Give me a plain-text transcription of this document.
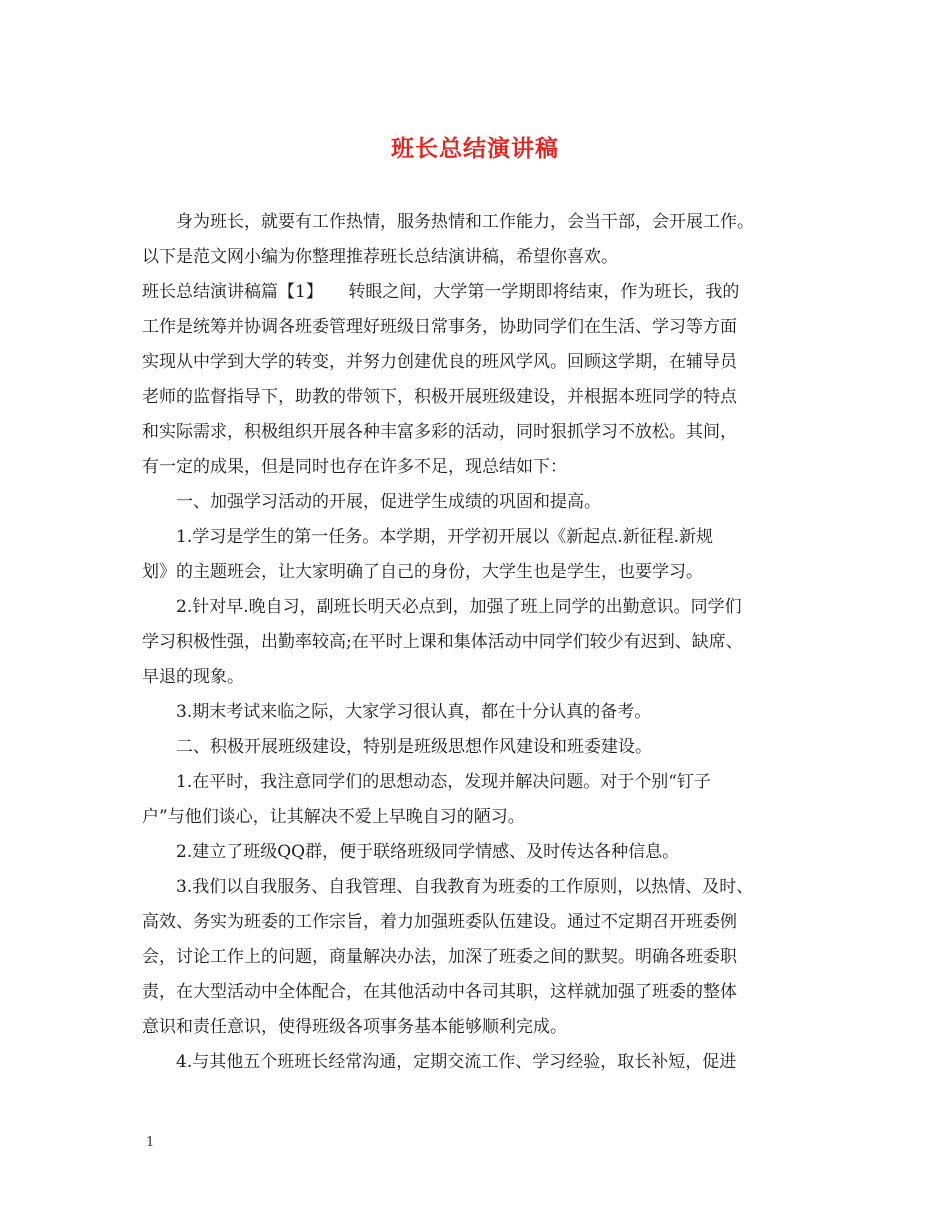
班长总结演讲稿
　　身为班长，就要有工作热情，服务热情和工作能力，会当干部，会开展工作。
以下是范文网小编为你整理推荐班长总结演讲稿，希望你喜欢。
班长总结演讲稿篇【1】　　转眼之间，大学第一学期即将结束，作为班长，我的
工作是统筹并协调各班委管理好班级日常事务，协助同学们在生活、学习等方面
实现从中学到大学的转变，并努力创建优良的班风学风。回顾这学期，在辅导员
老师的监督指导下，助教的带领下，积极开展班级建设，并根据本班同学的特点
和实际需求，积极组织开展各种丰富多彩的活动，同时狠抓学习不放松。其间，
有一定的成果，但是同时也存在许多不足，现总结如下：
　　一、加强学习活动的开展，促进学生成绩的巩固和提高。
　　1.学习是学生的第一任务。本学期，开学初开展以《新起点.新征程.新规
划》的主题班会，让大家明确了自己的身份，大学生也是学生，也要学习。
　　2.针对早.晚自习，副班长明天必点到，加强了班上同学的出勤意识。同学们
学习积极性强，出勤率较高;在平时上课和集体活动中同学们较少有迟到、缺席、
早退的现象。
　　3.期末考试来临之际，大家学习很认真，都在十分认真的备考。
　　二、积极开展班级建设，特别是班级思想作风建设和班委建设。
　　1.在平时，我注意同学们的思想动态，发现并解决问题。对于个别“钉子
户”与他们谈心，让其解决不爱上早晚自习的陋习。
　　2.建立了班级QQ群，便于联络班级同学情感、及时传达各种信息。
　　3.我们以自我服务、自我管理、自我教育为班委的工作原则，以热情、及时、
高效、务实为班委的工作宗旨，着力加强班委队伍建设。通过不定期召开班委例
会，讨论工作上的问题，商量解决办法，加深了班委之间的默契。明确各班委职
责，在大型活动中全体配合，在其他活动中各司其职，这样就加强了班委的整体
意识和责任意识，使得班级各项事务基本能够顺利完成。
　　4.与其他五个班班长经常沟通，定期交流工作、学习经验，取长补短，促进
1
